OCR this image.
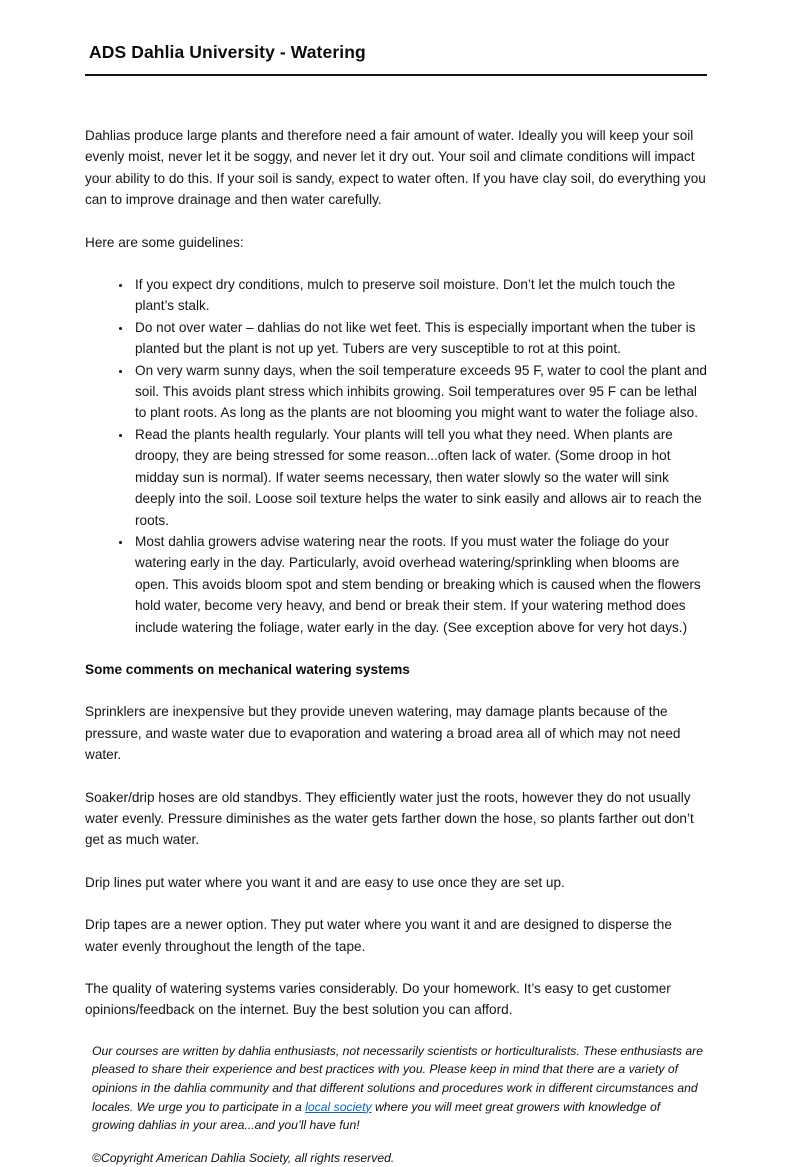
ADS Dahlia University - Watering

Dahlias produce large plants and therefore need a fair amount of water. Ideally you will keep your soil evenly moist, never let it be soggy, and never let it dry out. Your soil and climate conditions will impact your ability to do this. If your soil is sandy, expect to water often. If you have clay soil, do everything you can to improve drainage and then water carefully.

Here are some guidelines:

• If you expect dry conditions, mulch to preserve soil moisture. Don’t let the mulch touch the plant’s stalk.
• Do not over water – dahlias do not like wet feet. This is especially important when the tuber is planted but the plant is not up yet. Tubers are very susceptible to rot at this point.
• On very warm sunny days, when the soil temperature exceeds 95 F, water to cool the plant and soil. This avoids plant stress which inhibits growing. Soil temperatures over 95 F can be lethal to plant roots. As long as the plants are not blooming you might want to water the foliage also.
• Read the plants health regularly. Your plants will tell you what they need. When plants are droopy, they are being stressed for some reason...often lack of water. (Some droop in hot midday sun is normal). If water seems necessary, then water slowly so the water will sink deeply into the soil. Loose soil texture helps the water to sink easily and allows air to reach the roots.
• Most dahlia growers advise watering near the roots. If you must water the foliage do your watering early in the day. Particularly, avoid overhead watering/sprinkling when blooms are open. This avoids bloom spot and stem bending or breaking which is caused when the flowers hold water, become very heavy, and bend or break their stem. If your watering method does include watering the foliage, water early in the day. (See exception above for very hot days.)
Some comments on mechanical watering systems

Sprinklers are inexpensive but they provide uneven watering, may damage plants because of the pressure, and waste water due to evaporation and watering a broad area all of which may not need water.

Soaker/drip hoses are old standbys. They efficiently water just the roots, however they do not usually water evenly. Pressure diminishes as the water gets farther down the hose, so plants farther out don’t get as much water.

Drip lines put water where you want it and are easy to use once they are set up.

Drip tapes are a newer option. They put water where you want it and are designed to disperse the water evenly throughout the length of the tape.

The quality of watering systems varies considerably. Do your homework. It’s easy to get customer opinions/feedback on the internet. Buy the best solution you can afford.

Our courses are written by dahlia enthusiasts, not necessarily scientists or horticulturalists. These enthusiasts are pleased to share their experience and best practices with you. Please keep in mind that there are a variety of opinions in the dahlia community and that different solutions and procedures work in different circumstances and locales. We urge you to participate in a local society where you will meet great growers with knowledge of growing dahlias in your area...and you’ll have fun!

©Copyright American Dahlia Society, all rights reserved.
